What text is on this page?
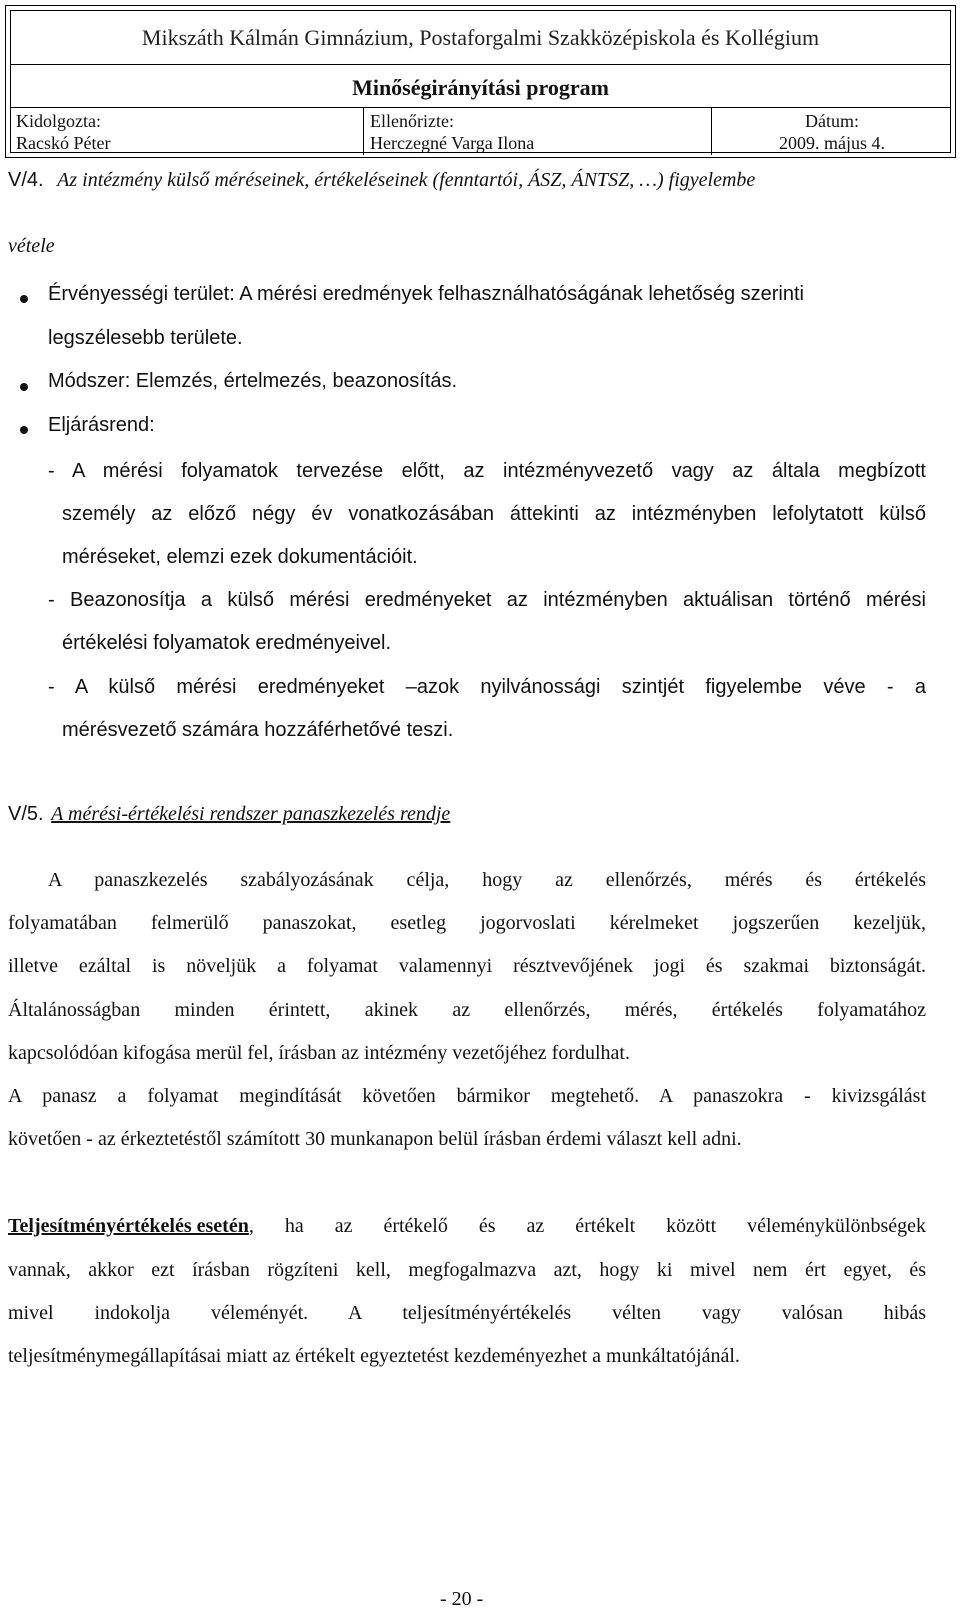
Mikszáth Kálmán Gimnázium, Postaforgalmi Szakközépiskola és Kollégium
Minőségirányítási program
Kidolgozta:
Racskó Péter
Ellenőrizte:
Herczegné Varga Ilona
Dátum:
2009. május 4.
V/4. Az intézmény külső méréseinek, értékeléseinek (fenntartói, ÁSZ, ÁNTSZ, …) figyelembe
vétele
Érvényességi terület: A mérési eredmények felhasználhatóságának lehetőség szerinti
legszélesebb területe.
Módszer: Elemzés, értelmezés, beazonosítás.
Eljárásrend:
- A mérési folyamatok tervezése előtt, az intézményvezető vagy az általa megbízott
személy az előző négy év vonatkozásában áttekinti az intézményben lefolytatott külső
méréseket, elemzi ezek dokumentációit.
- Beazonosítja a külső mérési eredményeket az intézményben aktuálisan történő mérési
értékelési folyamatok eredményeivel.
- A külső mérési eredményeket –azok nyilvánossági szintjét figyelembe véve - a
mérésvezető számára hozzáférhetővé teszi.
V/5. A mérési-értékelési rendszer panaszkezelés rendje
A panaszkezelés szabályozásának célja, hogy az ellenőrzés, mérés és értékelés
folyamatában felmerülő panaszokat, esetleg jogorvoslati kérelmeket jogszerűen kezeljük,
illetve ezáltal is növeljük a folyamat valamennyi résztvevőjének jogi és szakmai biztonságát.
Általánosságban minden érintett, akinek az ellenőrzés, mérés, értékelés folyamatához
kapcsolódóan kifogása merül fel, írásban az intézmény vezetőjéhez fordulhat.
A panasz a folyamat megindítását követően bármikor megtehető. A panaszokra - kivizsgálást
követően - az érkeztetéstől számított 30 munkanapon belül írásban érdemi választ kell adni.
Teljesítményértékelés esetén , ha az értékelő és az értékelt között véleménykülönbségek
vannak, akkor ezt írásban rögzíteni kell, megfogalmazva azt, hogy ki mivel nem ért egyet, és
mivel indokolja véleményét. A teljesítményértékelés vélten vagy valósan hibás
teljesítménymegállapításai miatt az értékelt egyeztetést kezdeményezhet a munkáltatójánál.
- 20 -
